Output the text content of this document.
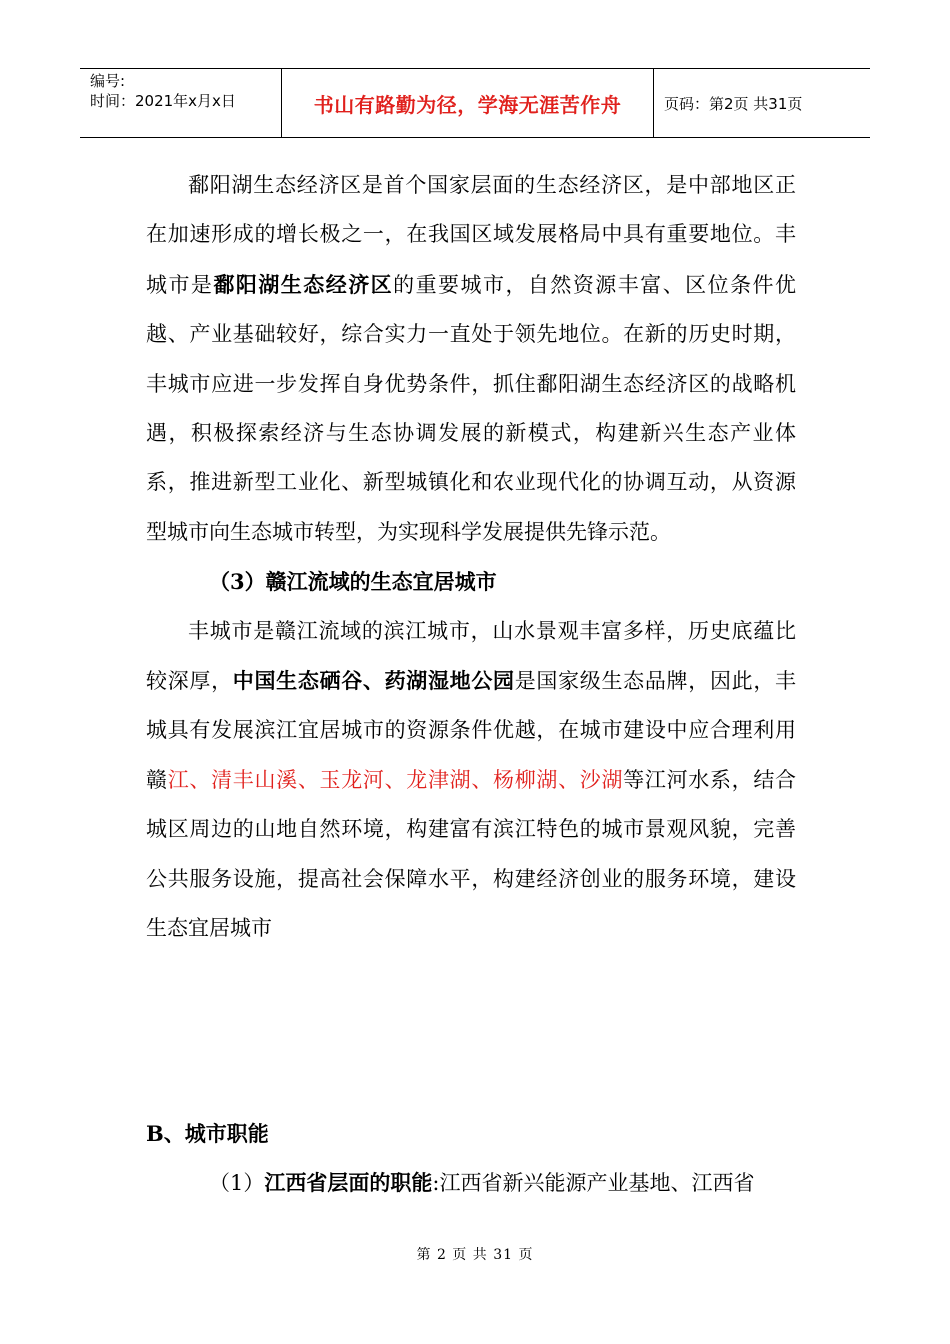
编号:
时间：2021年x月x日	书山有路勤为径，学海无涯苦作舟	页码：第2页 共31页

鄱阳湖生态经济区是首个国家层面的生态经济区，是中部地区正在加速形成的增长极之一，在我国区域发展格局中具有重要地位。丰城市是鄱阳湖生态经济区的重要城市，自然资源丰富、区位条件优越、产业基础较好，综合实力一直处于领先地位。在新的历史时期，丰城市应进一步发挥自身优势条件，抓住鄱阳湖生态经济区的战略机遇，积极探索经济与生态协调发展的新模式，构建新兴生态产业体系，推进新型工业化、新型城镇化和农业现代化的协调互动，从资源型城市向生态城市转型，为实现科学发展提供先锋示范。

（3）赣江流域的生态宜居城市

丰城市是赣江流域的滨江城市，山水景观丰富多样，历史底蕴比较深厚，中国生态硒谷、药湖湿地公园是国家级生态品牌，因此，丰城具有发展滨江宜居城市的资源条件优越，在城市建设中应合理利用赣江、清丰山溪、玉龙河、龙津湖、杨柳湖、沙湖等江河水系，结合城区周边的山地自然环境，构建富有滨江特色的城市景观风貌，完善公共服务设施，提高社会保障水平，构建经济创业的服务环境，建设生态宜居城市

B、城市职能
（1）江西省层面的职能:江西省新兴能源产业基地、江西省
第 2 页 共 31 页
